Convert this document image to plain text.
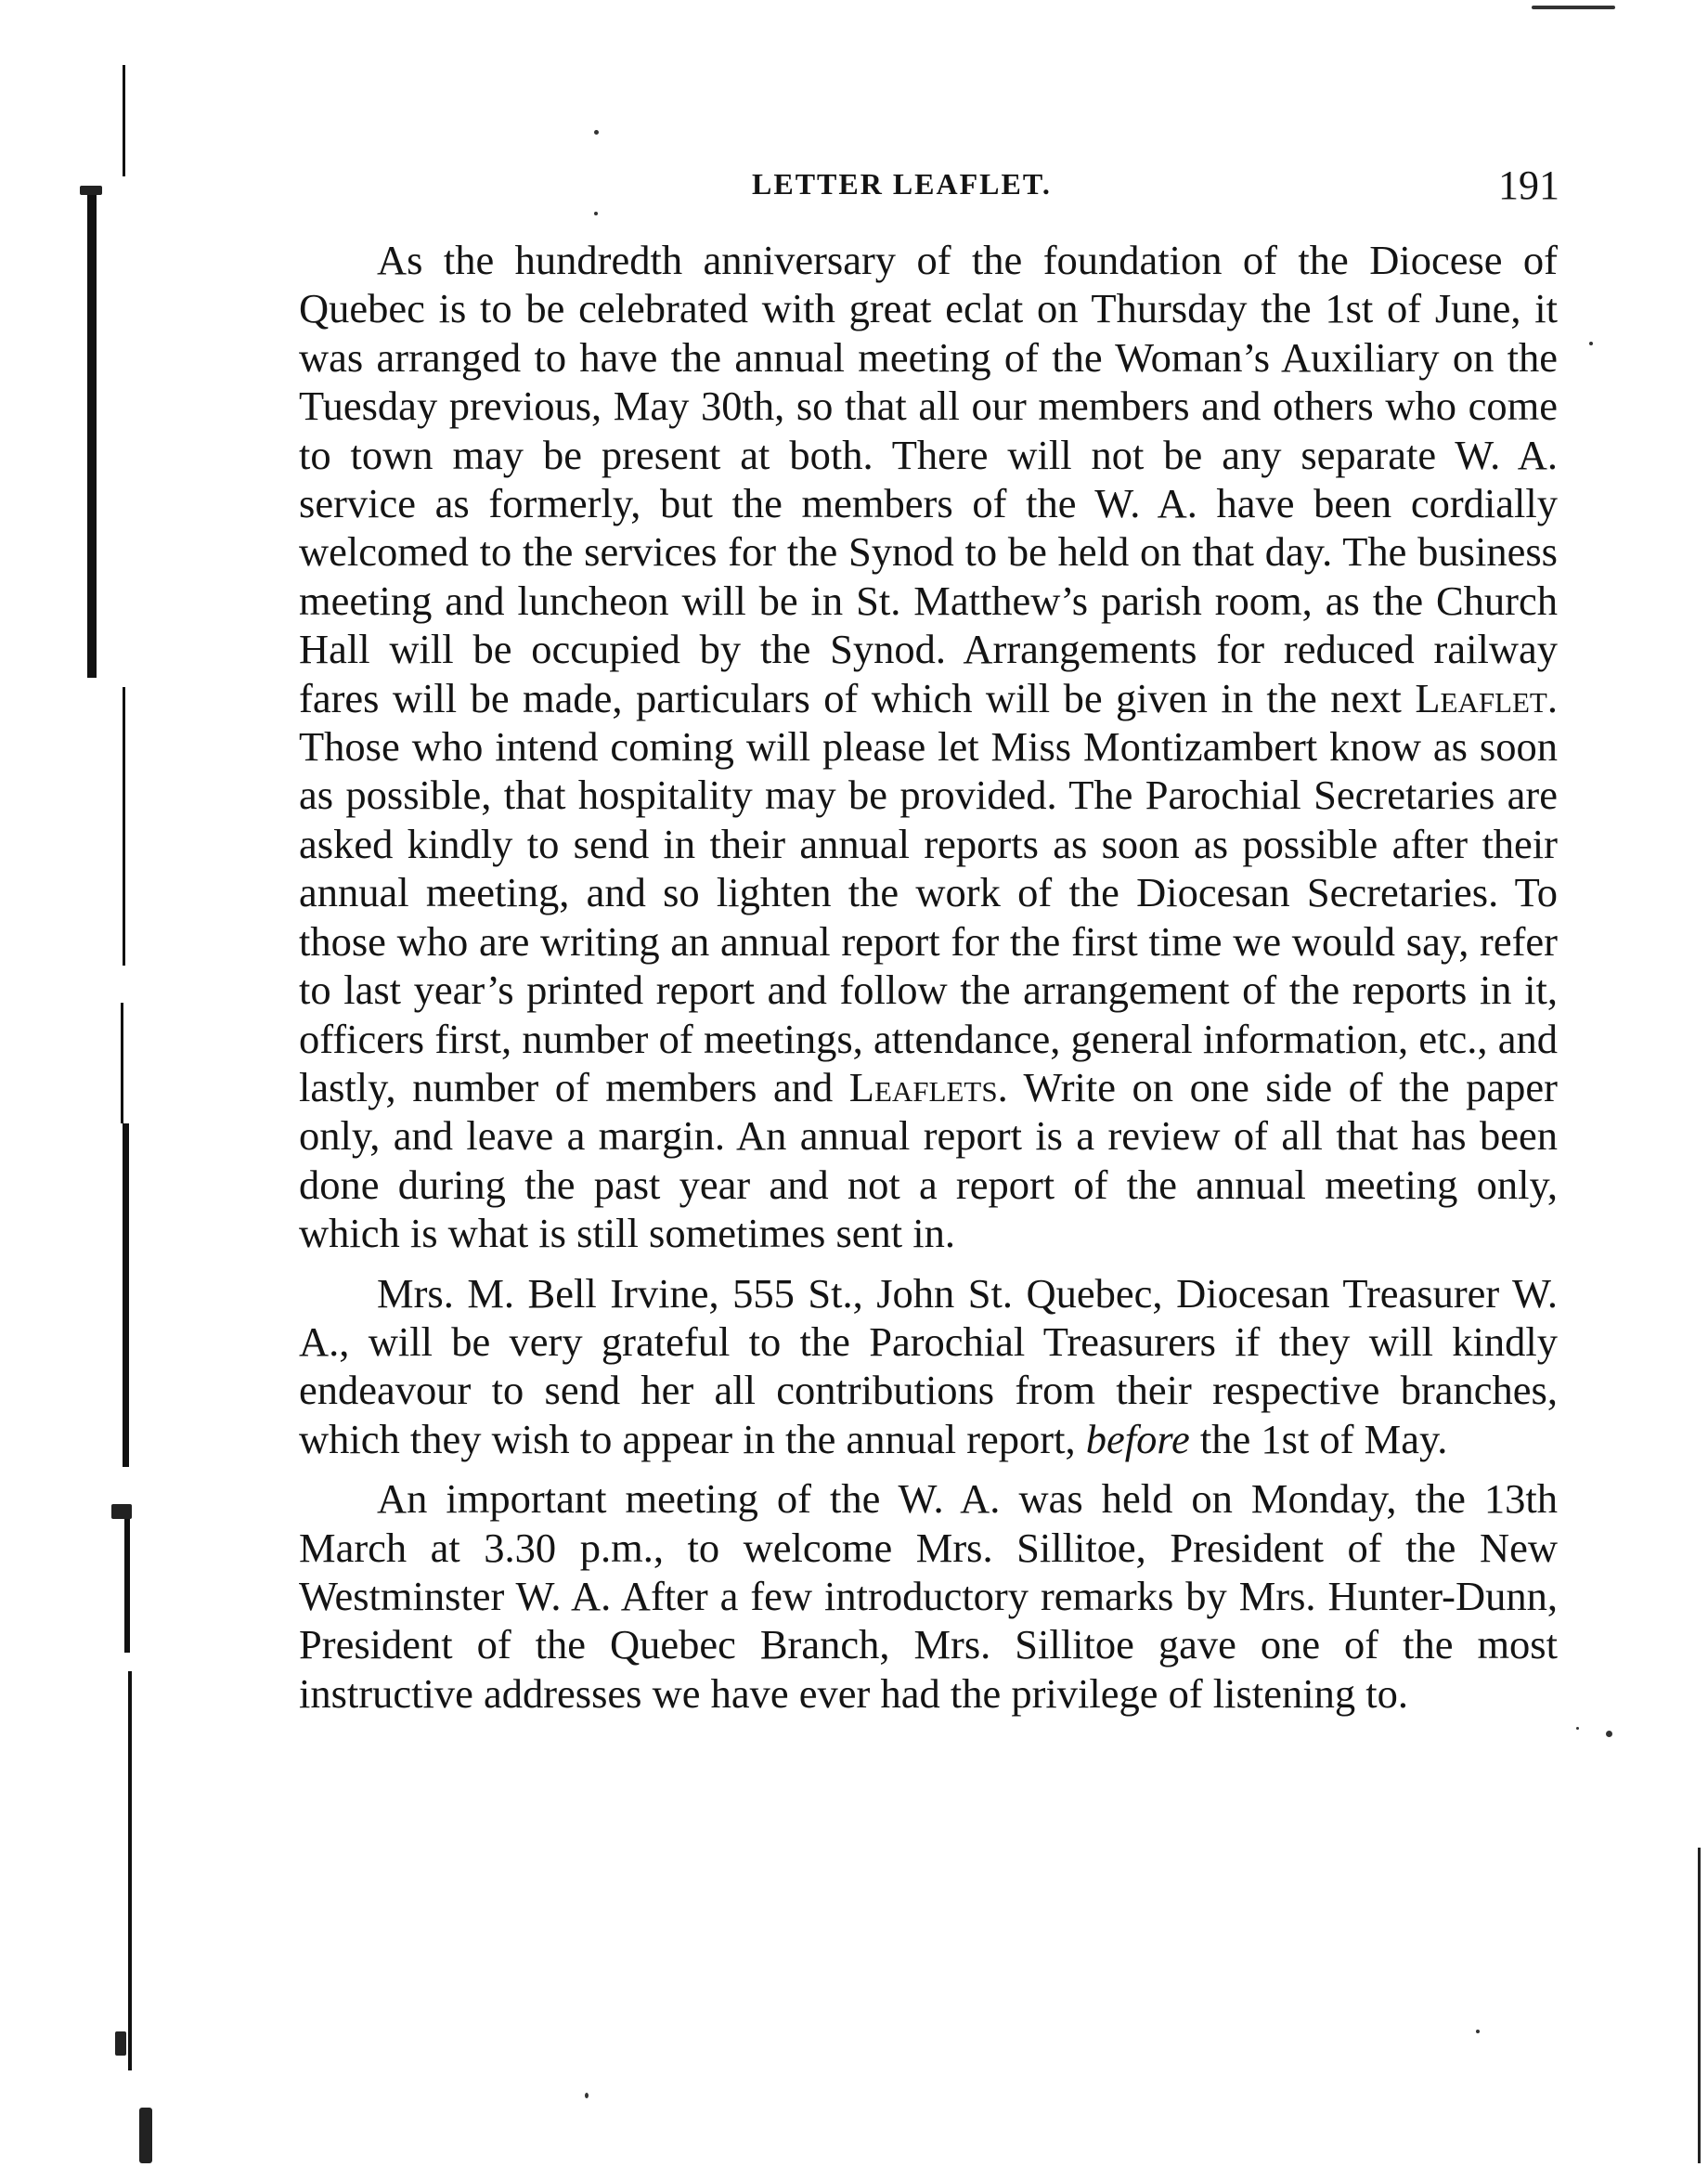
LETTER LEAFLET.	191

As the hundredth anniversary of the foundation of the Diocese of Quebec is to be celebrated with great eclat on Thursday the 1st of June, it was arranged to have the annual meeting of the Woman’s Auxiliary on the Tuesday previous, May 30th, so that all our members and others who come to town may be present at both. There will not be any separate W. A. service as formerly, but the members of the W. A. have been cordially welcomed to the services for the Synod to be held on that day. The business meeting and luncheon will be in St. Matthew’s parish room, as the Church Hall will be occupied by the Synod. Arrangements for reduced railway fares will be made, particulars of which will be given in the next Leaflet. Those who intend coming will please let Miss Montizambert know as soon as possible, that hospitality may be provided. The Parochial Secretaries are asked kindly to send in their annual reports as soon as possible after their annual meeting, and so lighten the work of the Diocesan Secretaries. To those who are writing an annual report for the first time we would say, refer to last year’s printed report and follow the arrangement of the reports in it, officers first, number of meetings, attendance, general information, etc., and lastly, number of members and Leaflets. Write on one side of the paper only, and leave a margin. An annual report is a review of all that has been done during the past year and not a report of the annual meeting only, which is what is still sometimes sent in.

Mrs. M. Bell Irvine, 555 St., John St. Quebec, Diocesan Treasurer W. A., will be very grateful to the Parochial Treasurers if they will kindly endeavour to send her all contributions from their respective branches, which they wish to appear in the annual report, before the 1st of May.

An important meeting of the W. A. was held on Monday, the 13th March at 3.30 p.m., to welcome Mrs. Sillitoe, President of the New Westminster W. A. After a few introductory remarks by Mrs. Hunter-Dunn, President of the Quebec Branch, Mrs. Sillitoe gave one of the most instructive addresses we have ever had the privilege of listening to.
